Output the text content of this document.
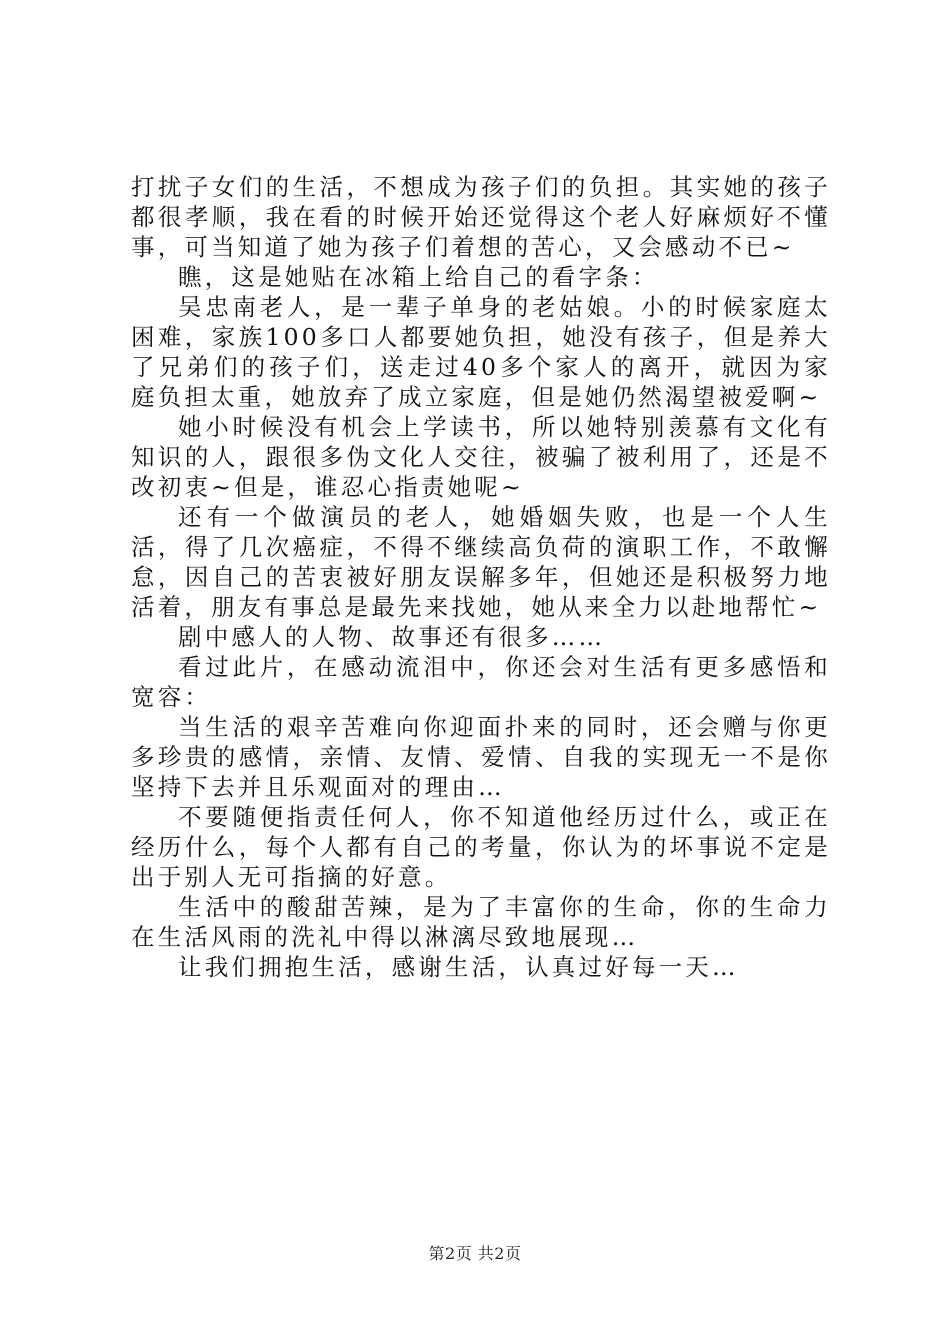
打扰子女们的生活，不想成为孩子们的负担。其实她的孩子都很孝顺，我在看的时候开始还觉得这个老人好麻烦好不懂事，可当知道了她为孩子们着想的苦心，又会感动不已~

瞧，这是她贴在冰箱上给自己的看字条：

吴忠南老人，是一辈子单身的老姑娘。小的时候家庭太困难，家族100多口人都要她负担，她没有孩子，但是养大了兄弟们的孩子们，送走过40多个家人的离开，就因为家庭负担太重，她放弃了成立家庭，但是她仍然渴望被爱啊~

她小时候没有机会上学读书，所以她特别羡慕有文化有知识的人，跟很多伪文化人交往，被骗了被利用了，还是不改初衷~但是，谁忍心指责她呢~

还有一个做演员的老人，她婚姻失败，也是一个人生活，得了几次癌症，不得不继续高负荷的演职工作，不敢懈怠，因自己的苦衷被好朋友误解多年，但她还是积极努力地活着，朋友有事总是最先来找她，她从来全力以赴地帮忙~

剧中感人的人物、故事还有很多……

看过此片，在感动流泪中，你还会对生活有更多感悟和宽容：

当生活的艰辛苦难向你迎面扑来的同时，还会赠与你更多珍贵的感情，亲情、友情、爱情、自我的实现无一不是你坚持下去并且乐观面对的理由…

不要随便指责任何人，你不知道他经历过什么，或正在经历什么，每个人都有自己的考量，你认为的坏事说不定是出于别人无可指摘的好意。

生活中的酸甜苦辣，是为了丰富你的生命，你的生命力在生活风雨的洗礼中得以淋漓尽致地展现…

让我们拥抱生活，感谢生活，认真过好每一天…

第2页 共2页
